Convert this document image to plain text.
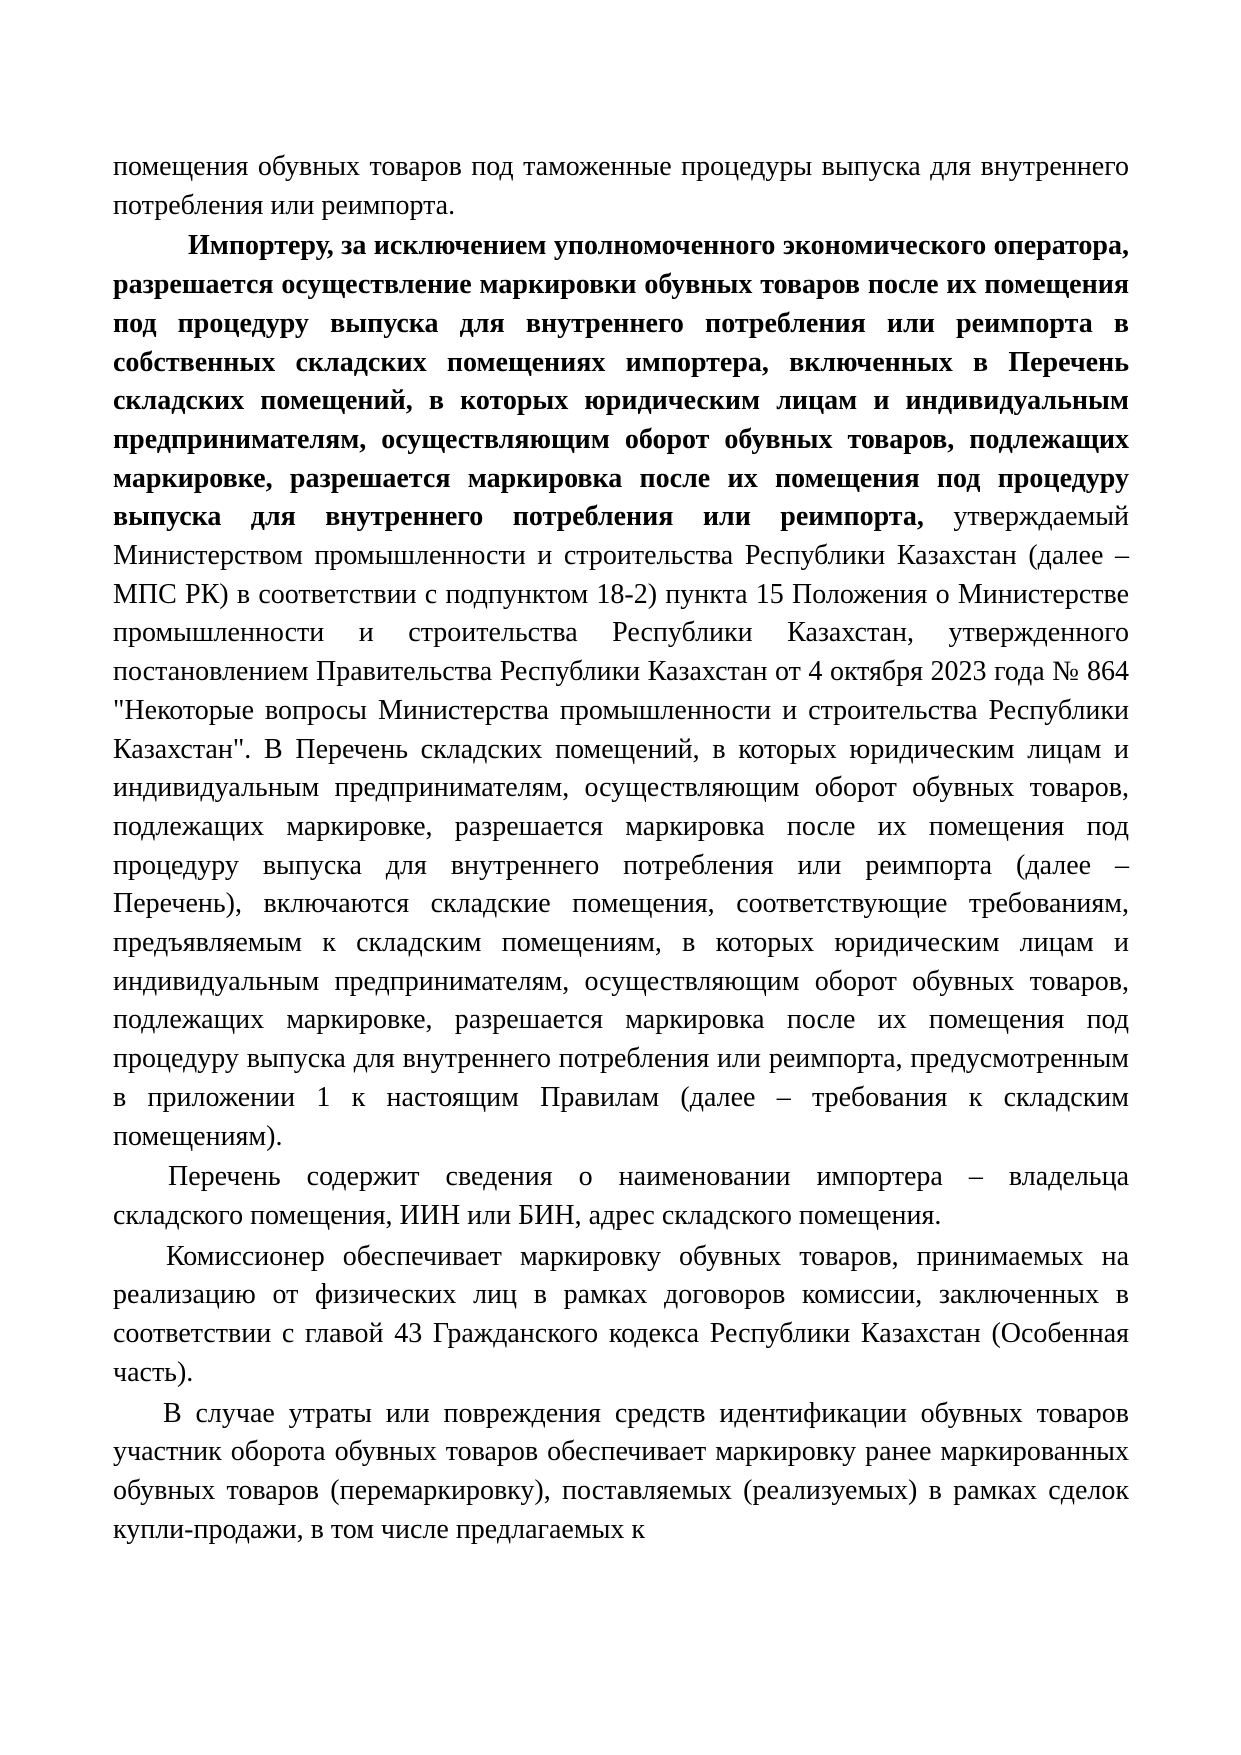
помещения обувных товаров под таможенные процедуры выпуска для внутреннего потребления или реимпорта.

Импортеру, за исключением уполномоченного экономического оператора, разрешается осуществление маркировки обувных товаров после их помещения под процедуру выпуска для внутреннего потребления или реимпорта в собственных складских помещениях импортера, включенных в Перечень складских помещений, в которых юридическим лицам и индивидуальным предпринимателям, осуществляющим оборот обувных товаров, подлежащих маркировке, разрешается маркировка после их помещения под процедуру выпуска для внутреннего потребления или реимпорта, утверждаемый Министерством промышленности и строительства Республики Казахстан (далее – МПС РК) в соответствии с подпунктом 18-2) пункта 15 Положения о Министерстве промышленности и строительства Республики Казахстан, утвержденного постановлением Правительства Республики Казахстан от 4 октября 2023 года № 864 "Некоторые вопросы Министерства промышленности и строительства Республики Казахстан". В Перечень складских помещений, в которых юридическим лицам и индивидуальным предпринимателям, осуществляющим оборот обувных товаров, подлежащих маркировке, разрешается маркировка после их помещения под процедуру выпуска для внутреннего потребления или реимпорта (далее – Перечень), включаются складские помещения, соответствующие требованиям, предъявляемым к складским помещениям, в которых юридическим лицам и индивидуальным предпринимателям, осуществляющим оборот обувных товаров, подлежащих маркировке, разрешается маркировка после их помещения под процедуру выпуска для внутреннего потребления или реимпорта, предусмотренным в приложении 1 к настоящим Правилам (далее – требования к складским помещениям).

Перечень содержит сведения о наименовании импортера – владельца складского помещения, ИИН или БИН, адрес складского помещения.

Комиссионер обеспечивает маркировку обувных товаров, принимаемых на реализацию от физических лиц в рамках договоров комиссии, заключенных в соответствии с главой 43 Гражданского кодекса Республики Казахстан (Особенная часть).

В случае утраты или повреждения средств идентификации обувных товаров участник оборота обувных товаров обеспечивает маркировку ранее маркированных обувных товаров (перемаркировку), поставляемых (реализуемых) в рамках сделок купли-продажи, в том числе предлагаемых к
